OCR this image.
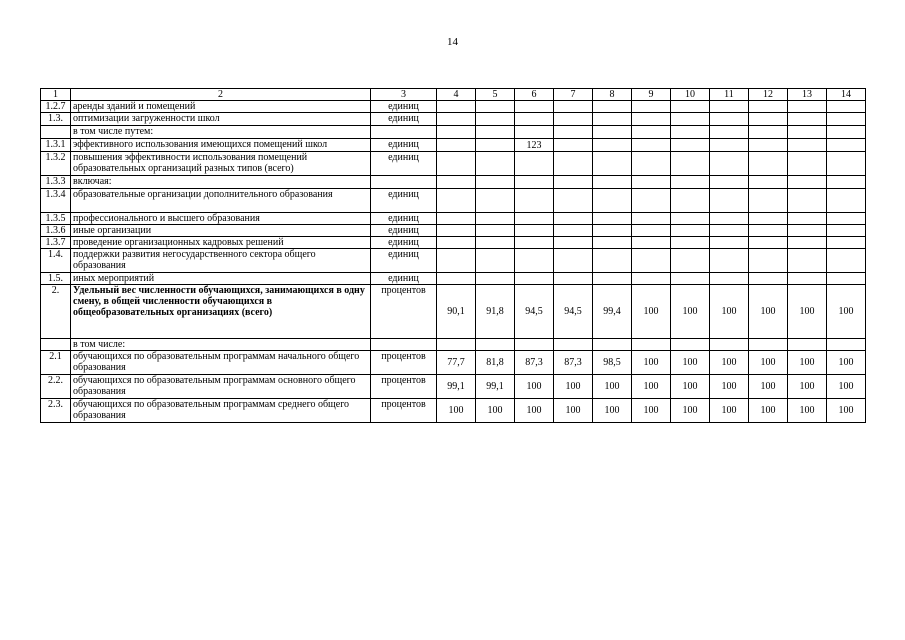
14
1	2	3	4	5	6	7	8	9	10	11	12	13	14
1.2.7	аренды зданий и помещений	единиц											
1.3.	оптимизации загруженности школ	единиц											
	в том числе путем:												
1.3.1	эффективного использования имеющихся помещений школ	единиц			123								
1.3.2	повышения эффективности использования помещений образовательных организаций разных типов (всего)	единиц											
1.3.3	включая:												
1.3.4	образовательные организации дополнительного образования	единиц											
1.3.5	профессионального и высшего образования	единиц											
1.3.6	иные организации	единиц											
1.3.7	проведение организационных кадровых решений	единиц											
1.4.	поддержки развития негосударственного сектора общего образования	единиц											
1.5.	иных мероприятий	единиц											
2.	Удельный вес численности обучающихся, занимающихся в одну смену, в общей численности обучающихся в общеобразовательных организациях (всего)	процентов	90,1	91,8	94,5	94,5	99,4	100	100	100	100	100	100
	в том числе:												
2.1	обучающихся по образовательным программам начального общего образования	процентов	77,7	81,8	87,3	87,3	98,5	100	100	100	100	100	100
2.2.	обучающихся по образовательным программам основного общего образования	процентов	99,1	99,1	100	100	100	100	100	100	100	100	100
2.3.	обучающихся по образовательным программам среднего общего образования	процентов	100	100	100	100	100	100	100	100	100	100	100
